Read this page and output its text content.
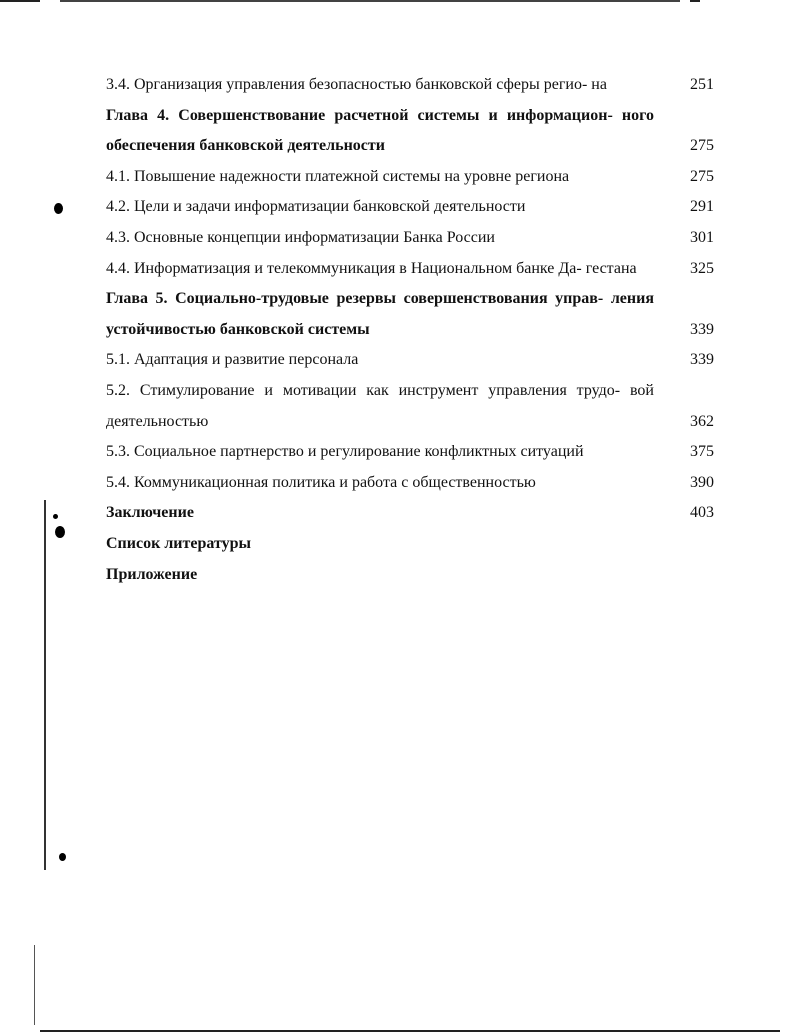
3.4. Организация управления безопасностью банковской сферы регио- на	251
Глава 4. Совершенствование расчетной системы и информацион- ного обеспечения банковской деятельности	275
4.1. Повышение надежности платежной системы на уровне региона	275
4.2. Цели и задачи информатизации банковской деятельности	291
4.3. Основные концепции информатизации Банка России	301
4.4. Информатизация и телекоммуникация в Национальном банке Да- гестана	325
Глава 5. Социально-трудовые резервы совершенствования управ- ления устойчивостью банковской системы	339
5.1. Адаптация и развитие персонала	339
5.2. Стимулирование и мотивации как инструмент управления трудо- вой деятельностью	362
5.3. Социальное партнерство и регулирование конфликтных ситуаций	375
5.4. Коммуникационная политика и работа с общественностью	390
Заключение	403
Список литературы
Приложение
